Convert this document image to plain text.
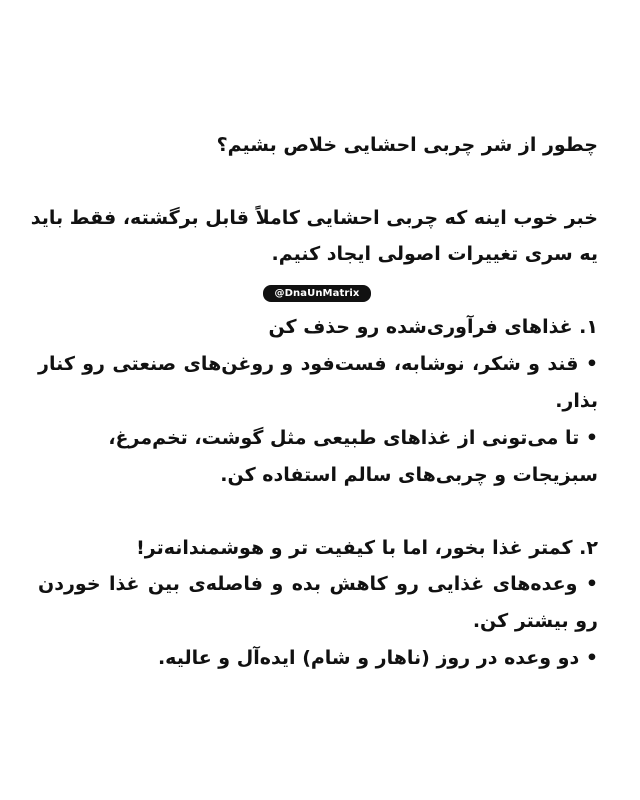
چطور از شر چربی احشایی خلاص بشیم؟
خبر خوب اینه که چربی احشایی کاملاً قابل برگشته، فقط باید
یه سری تغییرات اصولی ایجاد کنیم.
@DnaUnMatrix
۱. غذاهای فرآوری‌شده رو حذف کن
• قند و شکر، نوشابه، فست‌فود و روغن‌های صنعتی رو کنار
بذار.
• تا می‌تونی از غذاهای طبیعی مثل گوشت، تخم‌مرغ،
سبزیجات و چربی‌های سالم استفاده کن.
۲. کمتر غذا بخور، اما با کیفیت تر و هوشمندانه‌تر!
• وعده‌های غذایی رو کاهش بده و فاصله‌ی بین غذا خوردن
رو بیشتر کن.
• دو وعده در روز (ناهار و شام) ایده‌آل و عالیه.
